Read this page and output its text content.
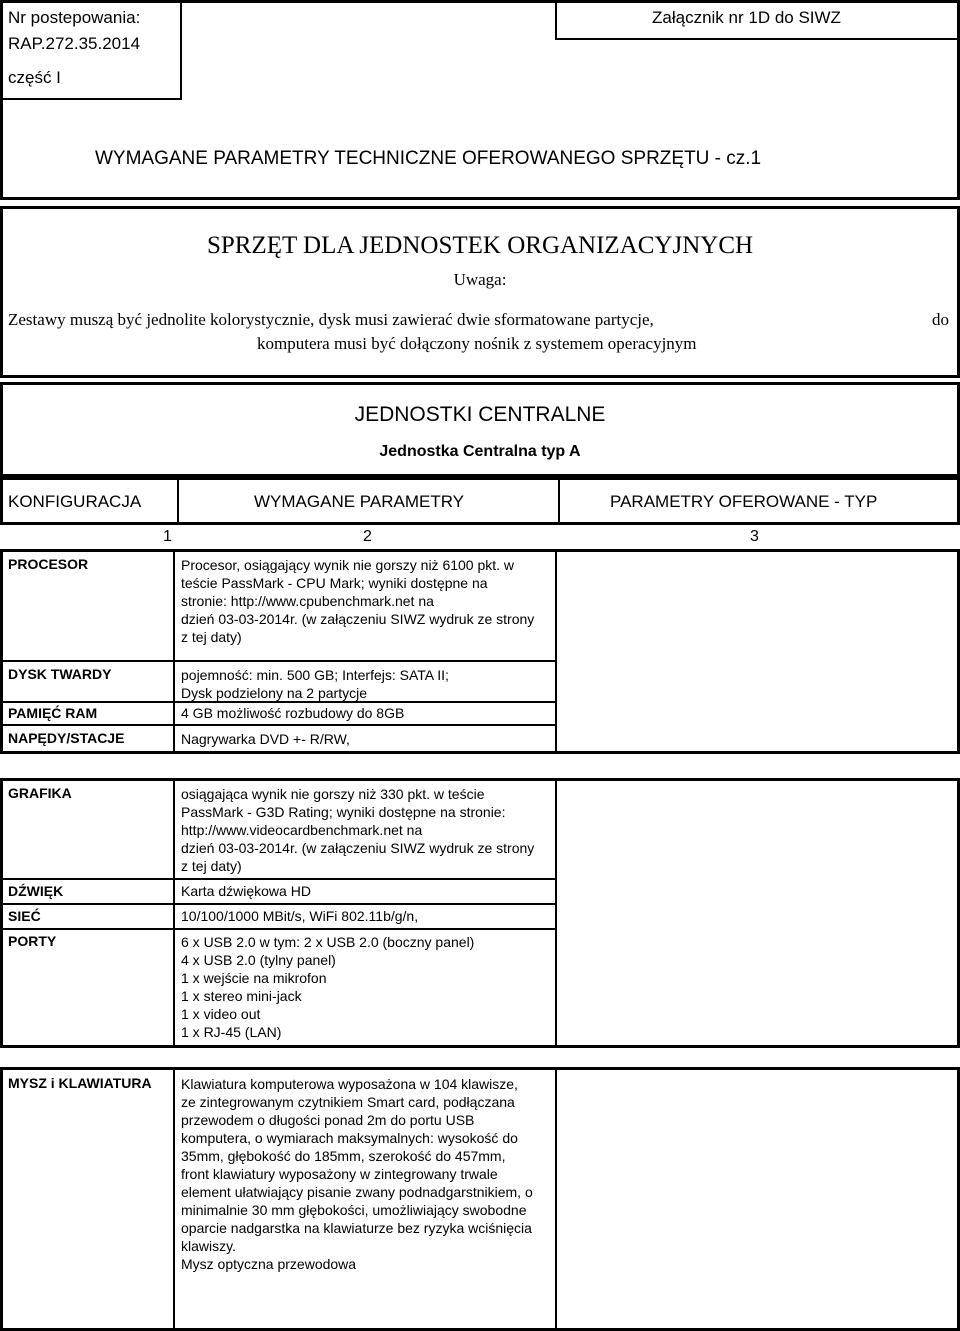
Nr postepowania:
RAP.272.35.2014
część I
Załącznik nr 1D do SIWZ
WYMAGANE PARAMETRY TECHNICZNE OFEROWANEGO SPRZĘTU - cz.1
SPRZĘT DLA JEDNOSTEK ORGANIZACYJNYCH
Uwaga:
Zestawy muszą być jednolite kolorystycznie, dysk musi zawierać dwie sformatowane partycje,	do
komputera musi być dołączony nośnik z systemem operacyjnym
JEDNOSTKI CENTRALNE
Jednostka Centralna typ A
KONFIGURACJA	WYMAGANE PARAMETRY	PARAMETRY OFEROWANE - TYP
1	2	3
PROCESOR	Procesor, osiągający wynik nie gorszy niż 6100 pkt. w
teście PassMark - CPU Mark; wyniki dostępne na
stronie: http://www.cpubenchmark.net na
dzień 03-03-2014r. (w załączeniu SIWZ wydruk ze strony
z tej daty)
DYSK TWARDY	pojemność: min. 500 GB; Interfejs: SATA II;
Dysk podzielony na 2 partycje
PAMIĘĆ RAM	4 GB możliwość rozbudowy do 8GB
NAPĘDY/STACJE	Nagrywarka DVD +- R/RW,
GRAFIKA	osiągająca wynik nie gorszy niż 330 pkt. w teście
PassMark - G3D Rating; wyniki dostępne na stronie:
http://www.videocardbenchmark.net na
dzień 03-03-2014r. (w załączeniu SIWZ wydruk ze strony
z tej daty)
DŹWIĘK	Karta dźwiękowa HD
SIEĆ	10/100/1000 MBit/s, WiFi 802.11b/g/n,
PORTY	6 x USB 2.0 w tym: 2 x USB 2.0 (boczny panel)
4 x USB 2.0 (tylny panel)
1 x wejście na mikrofon
1 x stereo mini-jack
1 x video out
1 x RJ-45 (LAN)
MYSZ i KLAWIATURA Klawiatura komputerowa wyposażona w 104 klawisze,
ze zintegrowanym czytnikiem Smart card, podłączana
przewodem o długości ponad 2m do portu USB
komputera, o wymiarach maksymalnych: wysokość do
35mm, głębokość do 185mm, szerokość do 457mm,
front klawiatury wyposażony w zintegrowany trwale
element ułatwiający pisanie zwany podnadgarstnikiem, o
minimalnie 30 mm głębokości, umożliwiający swobodne
oparcie nadgarstka na klawiaturze bez ryzyka wciśnięcia
klawiszy.
Mysz optyczna przewodowa
